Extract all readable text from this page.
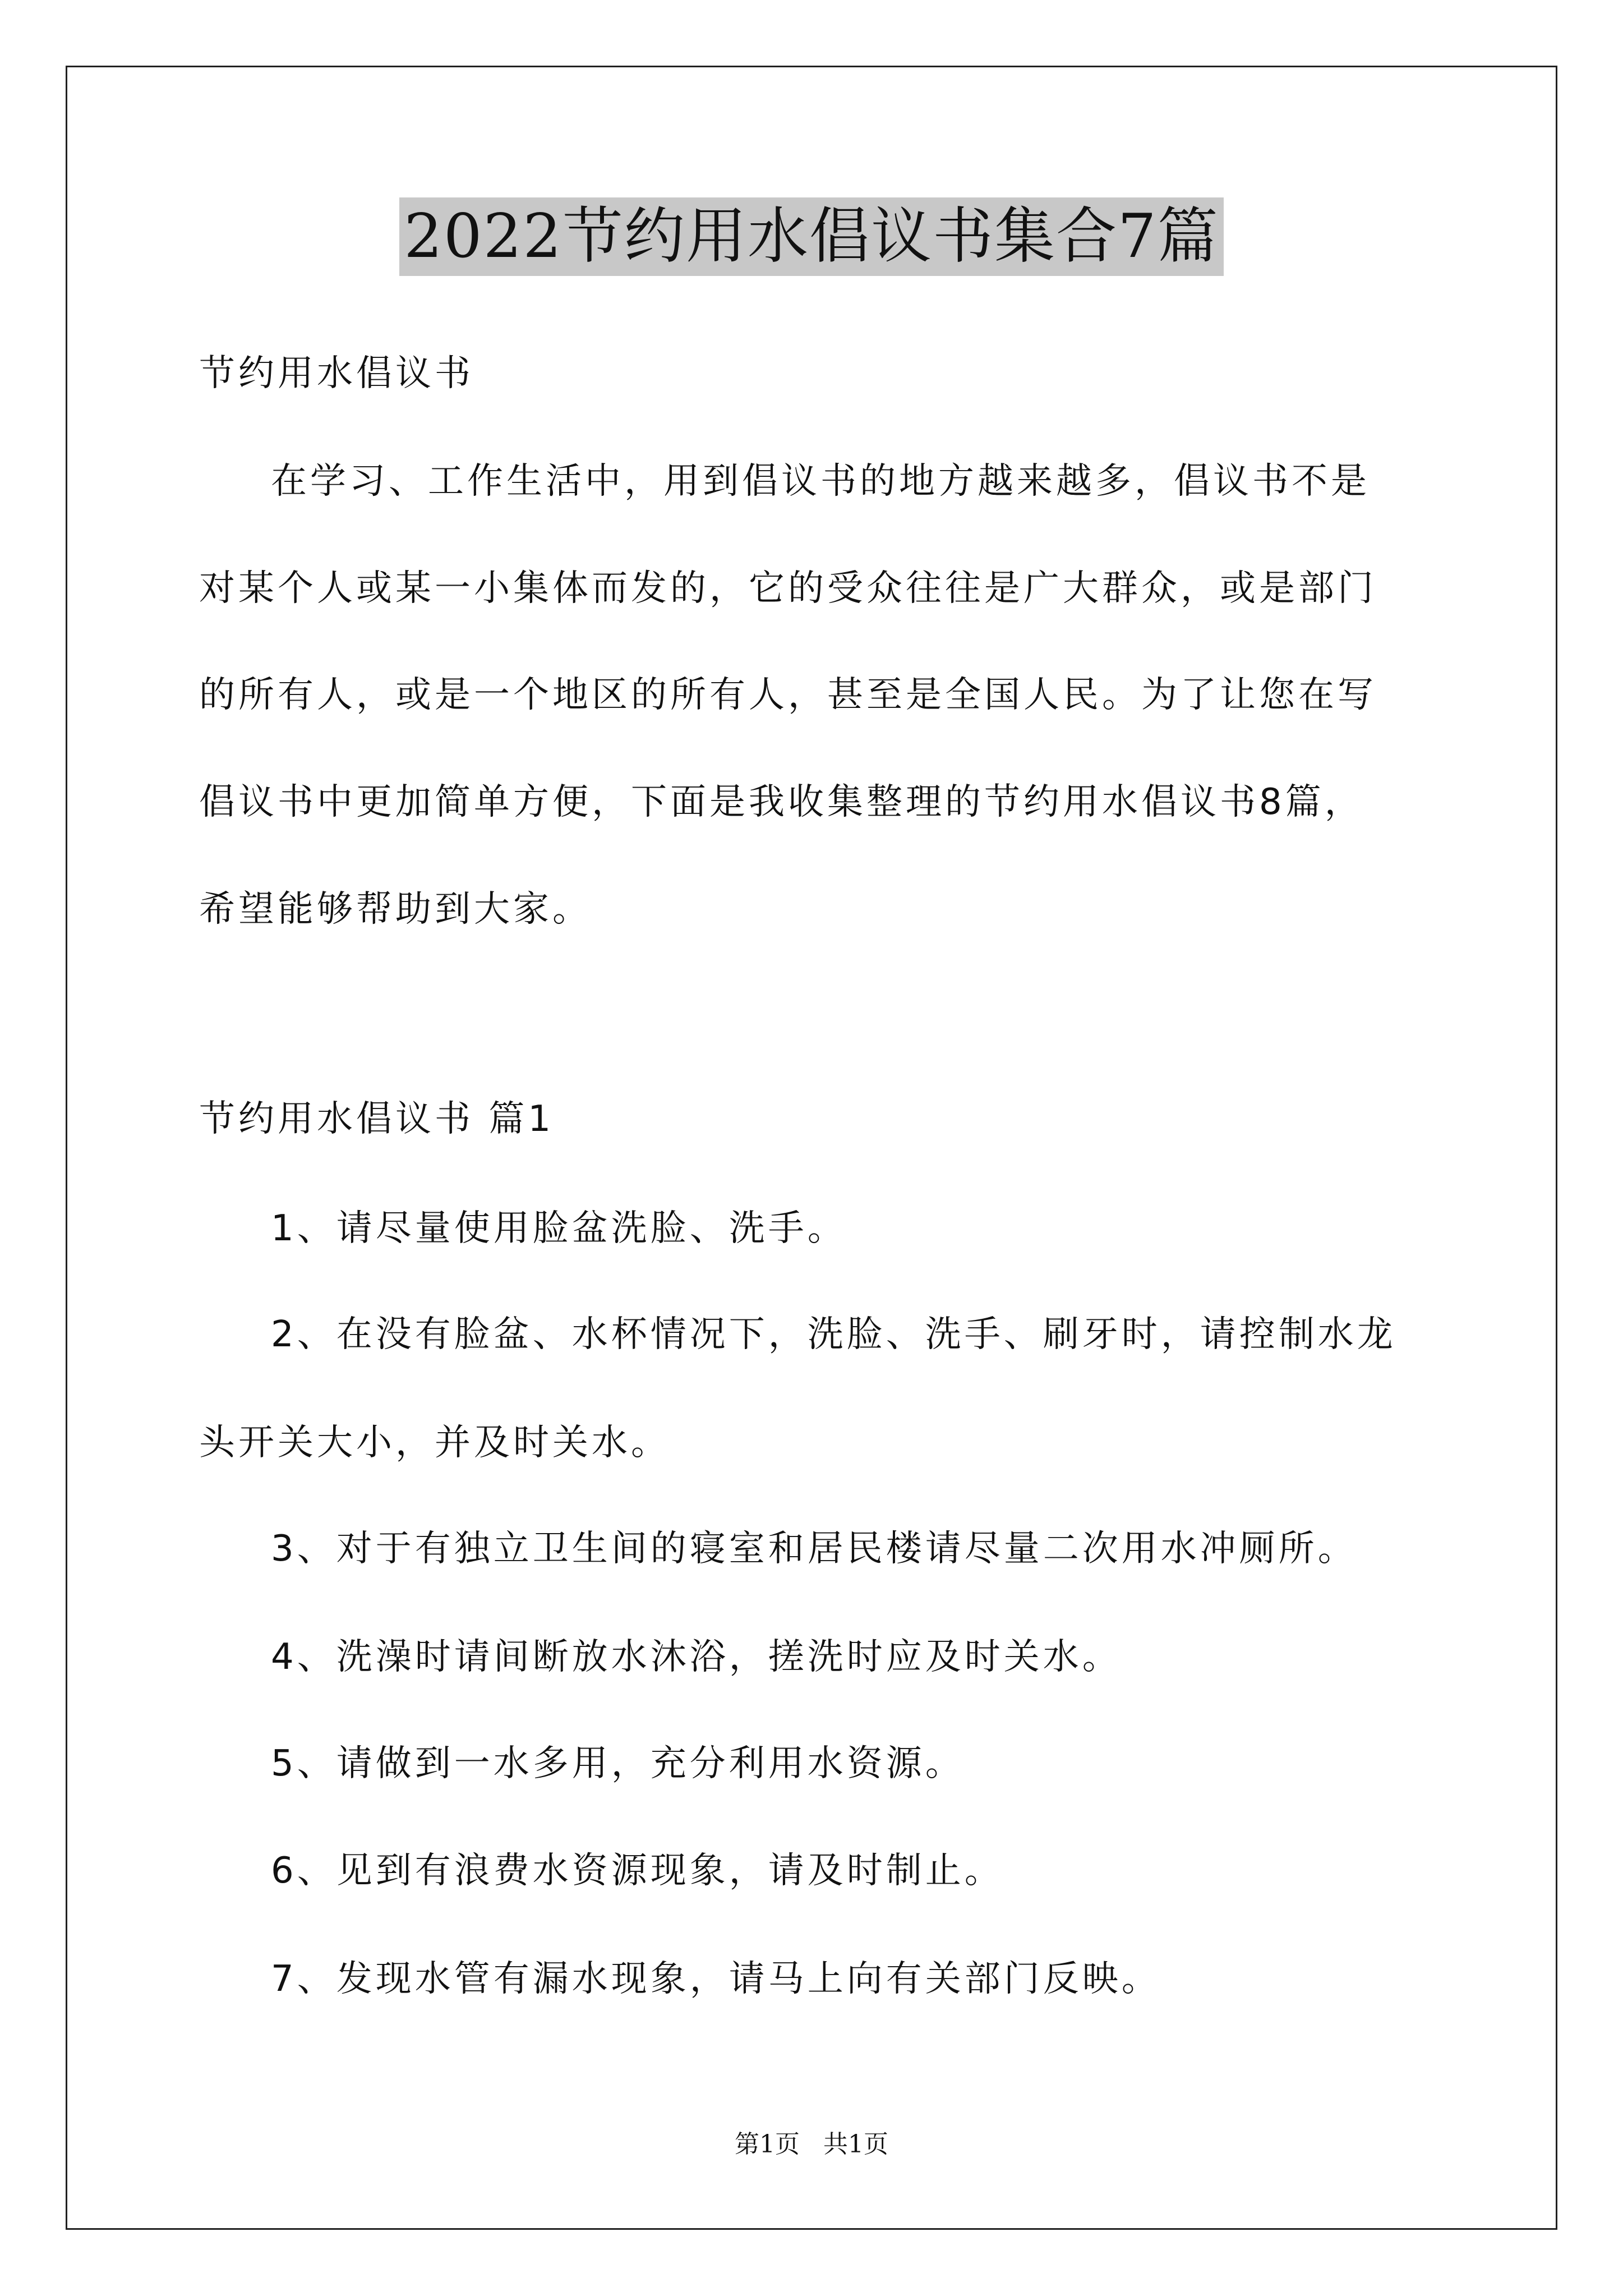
2022节约用水倡议书集合7篇
节约用水倡议书
在学习、工作生活中，用到倡议书的地方越来越多，倡议书不是
对某个人或某一小集体而发的，它的受众往往是广大群众，或是部门
的所有人，或是一个地区的所有人，甚至是全国人民。为了让您在写
倡议书中更加简单方便，下面是我收集整理的节约用水倡议书8篇，
希望能够帮助到大家。
节约用水倡议书 篇1
1、请尽量使用脸盆洗脸、洗手。
2、在没有脸盆、水杯情况下，洗脸、洗手、刷牙时，请控制水龙
头开关大小，并及时关水。
3、对于有独立卫生间的寝室和居民楼请尽量二次用水冲厕所。
4、洗澡时请间断放水沐浴，搓洗时应及时关水。
5、请做到一水多用，充分利用水资源。
6、见到有浪费水资源现象，请及时制止。
7、发现水管有漏水现象，请马上向有关部门反映。
第1页 共1页
